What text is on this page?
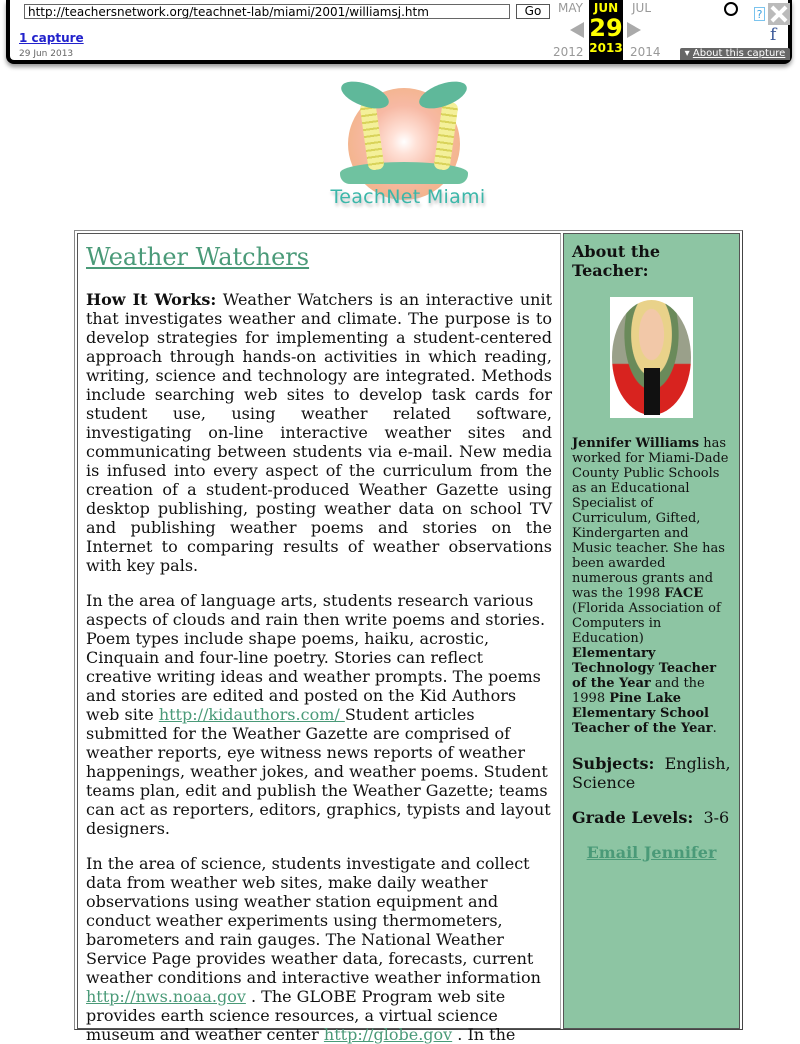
http://teachersnetwork.org/teachnet-lab/miami/2001/williamsj.htm
Go
1 capture
29 Jun 2013
MAY
2012
JUN
29
2013
JUL
2014
?
f
▾ About this capture
TeachNet Miami
Weather Watchers

How It Works: Weather Watchers is an interactive unit that investigates weather and climate. The purpose is to develop strategies for implementing a student-centered approach through hands-on activities in which reading, writing, science and technology are integrated. Methods include searching web sites to develop task cards for student use, using weather related software, investigating on-line interactive weather sites and communicating between students via e-mail. New media is infused into every aspect of the curriculum from the creation of a student-produced Weather Gazette using desktop publishing, posting weather data on school TV and publishing weather poems and stories on the Internet to comparing results of weather observations with key pals.

In the area of language arts, students research various aspects of clouds and rain then write poems and stories. Poem types include shape poems, haiku, acrostic, Cinquain and four-line poetry. Stories can reflect creative writing ideas and weather prompts. The poems and stories are edited and posted on the Kid Authors web site http://kidauthors.com/ Student articles submitted for the Weather Gazette are comprised of weather reports, eye witness news reports of weather happenings, weather jokes, and weather poems. Student teams plan, edit and publish the Weather Gazette; teams can act as reporters, editors, graphics, typists and layout designers.

In the area of science, students investigate and collect data from weather web sites, make daily weather observations using weather station equipment and conduct weather experiments using thermometers, barometers and rain gauges. The National Weather Service Page provides weather data, forecasts, current weather conditions and interactive weather information http://nws.noaa.gov . The GLOBE Program web site provides earth science resources, a virtual science museum and weather center http://globe.gov . In the

About the Teacher:

Jennifer Williams has worked for Miami-Dade County Public Schools as an Educational Specialist of Curriculum, Gifted, Kindergarten and Music teacher. She has been awarded numerous grants and was the 1998 FACE (Florida Association of Computers in Education) Elementary Technology Teacher of the Year and the 1998 Pine Lake Elementary School Teacher of the Year.

Subjects:  English, Science

Grade Levels:  3-6

Email Jennifer
